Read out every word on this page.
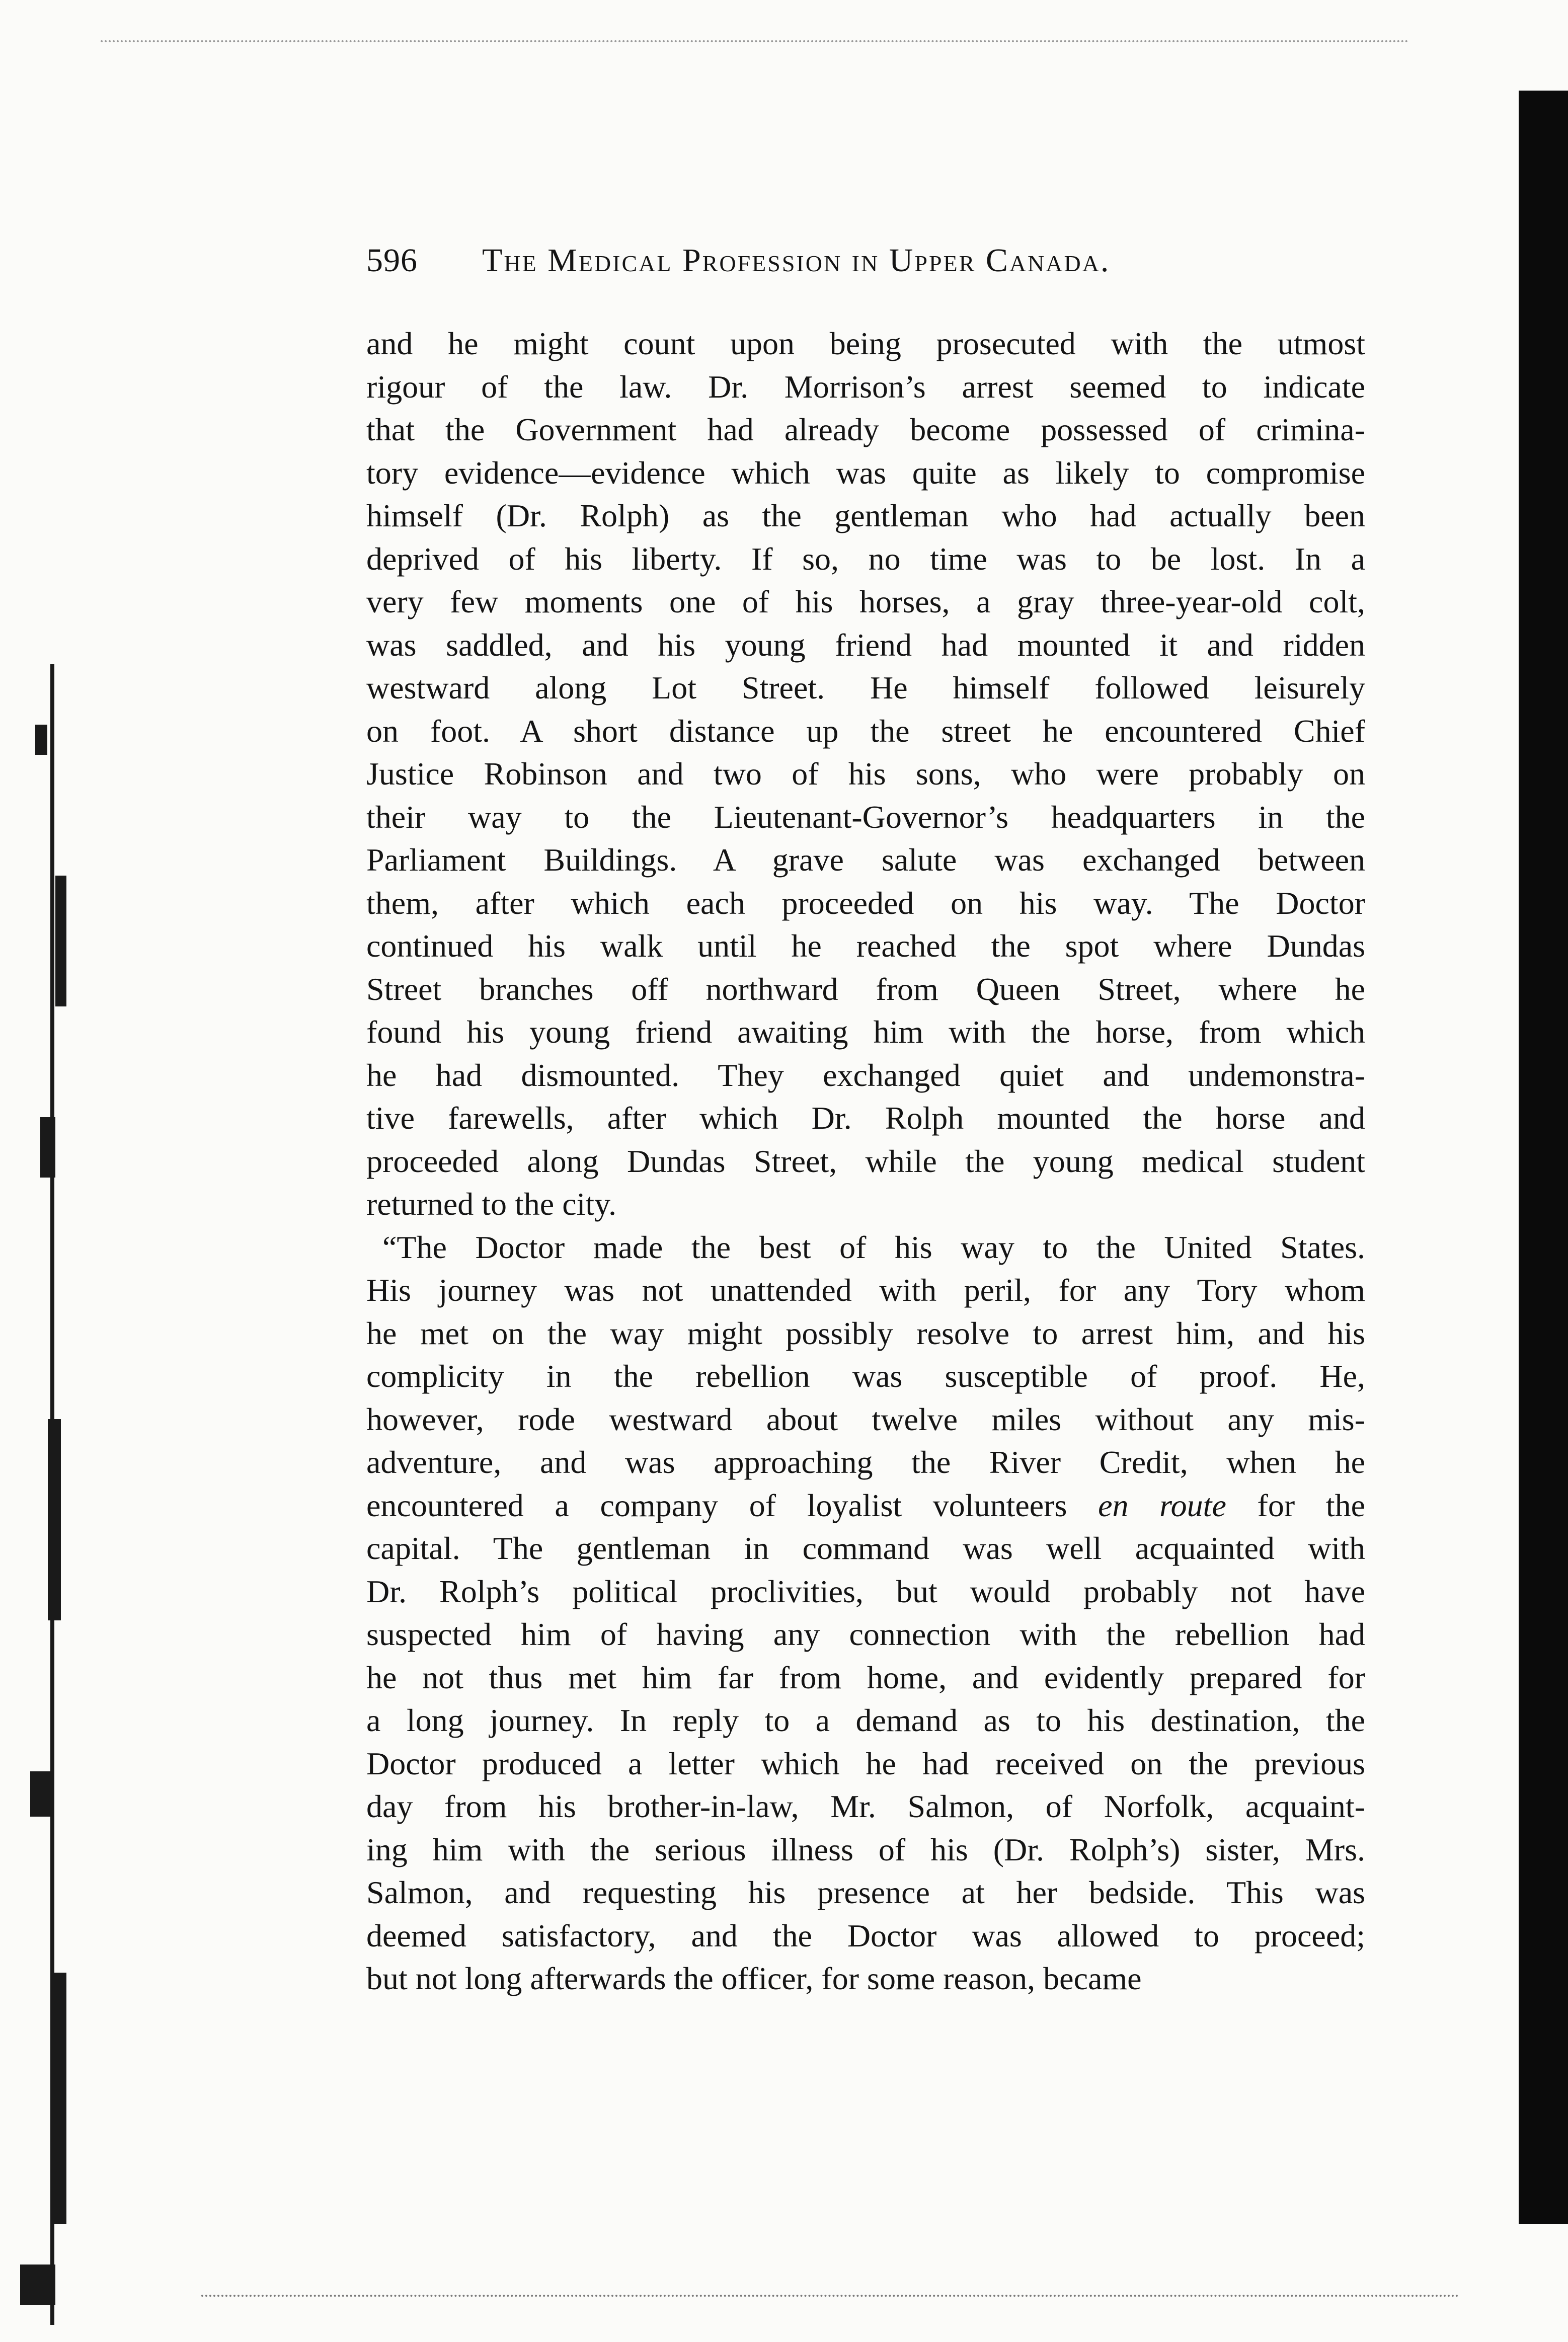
596 The Medical Profession in Upper Canada.

and he might count upon being prosecuted with the utmost
rigour of the law. Dr. Morrison’s arrest seemed to indicate
that the Government had already become possessed of crimina-
tory evidence—evidence which was quite as likely to compromise
himself (Dr. Rolph) as the gentleman who had actually been
deprived of his liberty. If so, no time was to be lost. In a
very few moments one of his horses, a gray three-year-old colt,
was saddled, and his young friend had mounted it and ridden
westward along Lot Street. He himself followed leisurely
on foot. A short distance up the street he encountered Chief
Justice Robinson and two of his sons, who were probably on
their way to the Lieutenant-Governor’s headquarters in the
Parliament Buildings. A grave salute was exchanged between
them, after which each proceeded on his way. The Doctor
continued his walk until he reached the spot where Dundas
Street branches off northward from Queen Street, where he
found his young friend awaiting him with the horse, from which
he had dismounted. They exchanged quiet and undemonstra-
tive farewells, after which Dr. Rolph mounted the horse and
proceeded along Dundas Street, while the young medical student
returned to the city.

“The Doctor made the best of his way to the United States.
His journey was not unattended with peril, for any Tory whom
he met on the way might possibly resolve to arrest him, and his
complicity in the rebellion was susceptible of proof. He,
however, rode westward about twelve miles without any mis-
adventure, and was approaching the River Credit, when he
encountered a company of loyalist volunteers en route for the
capital. The gentleman in command was well acquainted with
Dr. Rolph’s political proclivities, but would probably not have
suspected him of having any connection with the rebellion had
he not thus met him far from home, and evidently prepared for
a long journey. In reply to a demand as to his destination, the
Doctor produced a letter which he had received on the previous
day from his brother-in-law, Mr. Salmon, of Norfolk, acquaint-
ing him with the serious illness of his (Dr. Rolph’s) sister, Mrs.
Salmon, and requesting his presence at her bedside. This was
deemed satisfactory, and the Doctor was allowed to proceed;
but not long afterwards the officer, for some reason, became
